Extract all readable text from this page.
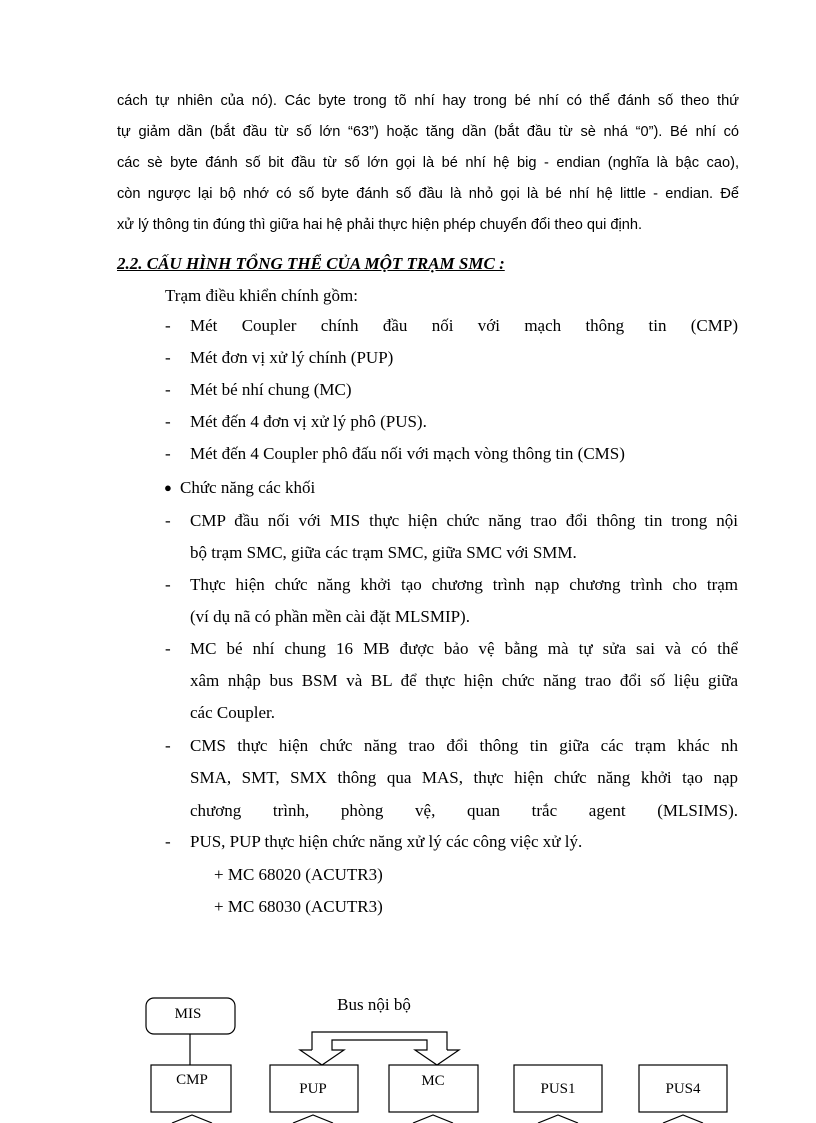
cách tự nhiên của nó). Các byte trong tõ nhí hay trong bé nhí có thể đánh số theo thứ

tự giảm dần (bắt đầu từ số lớn “63”) hoặc tăng dần (bắt đầu từ sè nhá “0”). Bé nhí có

các sè byte đánh số bit đầu từ số lớn gọi là bé nhí hệ big - endian (nghĩa là bậc cao),

còn ngược lại bộ nhớ có số byte đánh số đầu là nhỏ gọi là bé nhí hệ little - endian. Để

xử lý thông tin đúng thì giữa hai hệ phải thực hiện phép chuyển đổi theo qui định.

2.2. CẤU HÌNH TỔNG THỂ CỦA MỘT TRẠM SMC :
Trạm điều khiển chính gồm:
- Mét Coupler chính đầu nối với mạch thông tin (CMP)
- Mét đơn vị xử lý chính (PUP)
- Mét bé nhí chung (MC)
- Mét đến 4 đơn vị xử lý phô (PUS).
- Mét đến 4 Coupler phô đấu nối với mạch vòng thông tin (CMS)
● Chức năng các khối
- CMP đầu nối với MIS thực hiện chức năng trao đổi thông tin trong nội
bộ trạm SMC, giữa các trạm SMC, giữa SMC với SMM.
- Thực hiện chức năng khởi tạo chương trình nạp chương trình cho trạm
(ví dụ nã có phần mền cài đặt MLSMIP).
- MC bé nhí chung 16 MB được bảo vệ bằng mà tự sửa sai và có thể
xâm nhập bus BSM và BL để thực hiện chức năng trao đổi số liệu giữa
các Coupler.
- CMS thực hiện chức năng trao đổi thông tin giữa các trạm khác nh
SMA, SMT, SMX thông qua MAS, thực hiện chức năng khởi tạo nạp
chương trình, phòng vệ, quan trắc agent (MLSIMS).
- PUS, PUP thực hiện chức năng xử lý các công việc xử lý.
+ MC 68020 (ACUTR3)
+ MC 68030 (ACUTR3)
Bus nội bộ
MIS
CMP
PUP	MC	PUS1	PUS4
